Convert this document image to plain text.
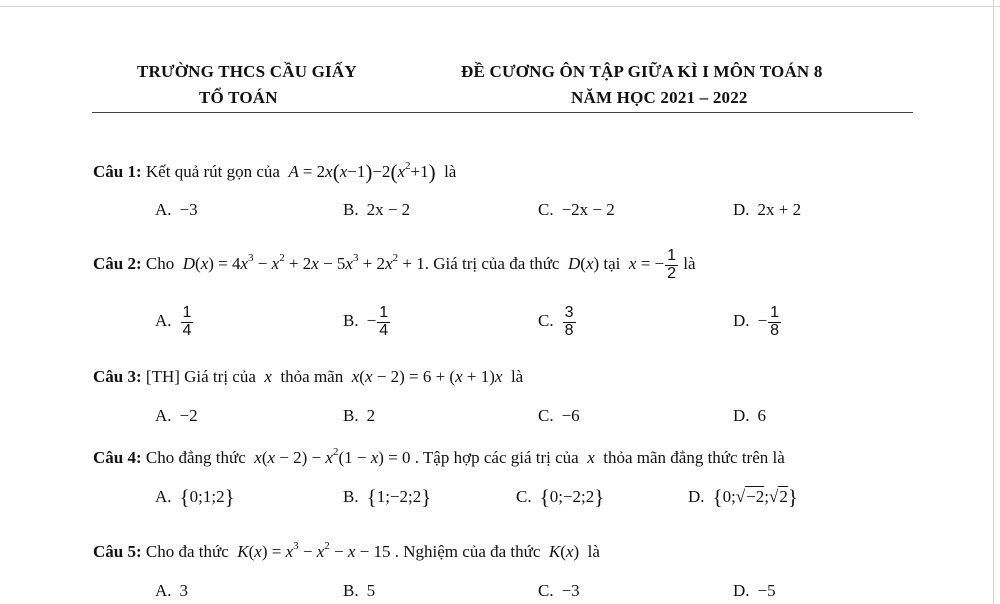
TRƯỜNG THCS CẦU GIẤY
TỔ TOÁN
ĐỀ CƯƠNG ÔN TẬP GIỮA KÌ I MÔN TOÁN 8
NĂM HỌC 2021 – 2022
Câu 1: Kết quả rút gọn của  $A = 2x(x-1)-2(x^2+1)$ là
A. −3	B. 2x − 2	C. −2x − 2	D. 2x + 2
Câu 2: Cho  $D(x) = 4x^3 - x^2 + 2x - 5x^3 + 2x^2 + 1$. Giá trị của đa thức  D(x) tại  x = − $\frac{1}{2}$ là
A. $\frac{1}{4}$	B. − $\frac{1}{4}$	C. $\frac{3}{8}$	D. − $\frac{1}{8}$
Câu 3: [TH] Giá trị của  x  thỏa mãn  x(x − 2) = 6 + (x + 1)x  là
A. −2	B. 2	C. −6	D. 6
Câu 4: Cho đẳng thức  $x(x - 2) - x^2(1 - x) = 0$ . Tập hợp các giá trị của  x  thỏa mãn đẳng thức trên là
A. {0;1;2}	B. {1;−2;2}	C. {0;−2;2}	D. {0;√−2;√2}
Câu 5: Cho đa thức  $K(x) = x^3 - x^2 - x - 15$ . Nghiệm của đa thức  K(x) là
A. 3	B. 5	C. −3	D. −5
